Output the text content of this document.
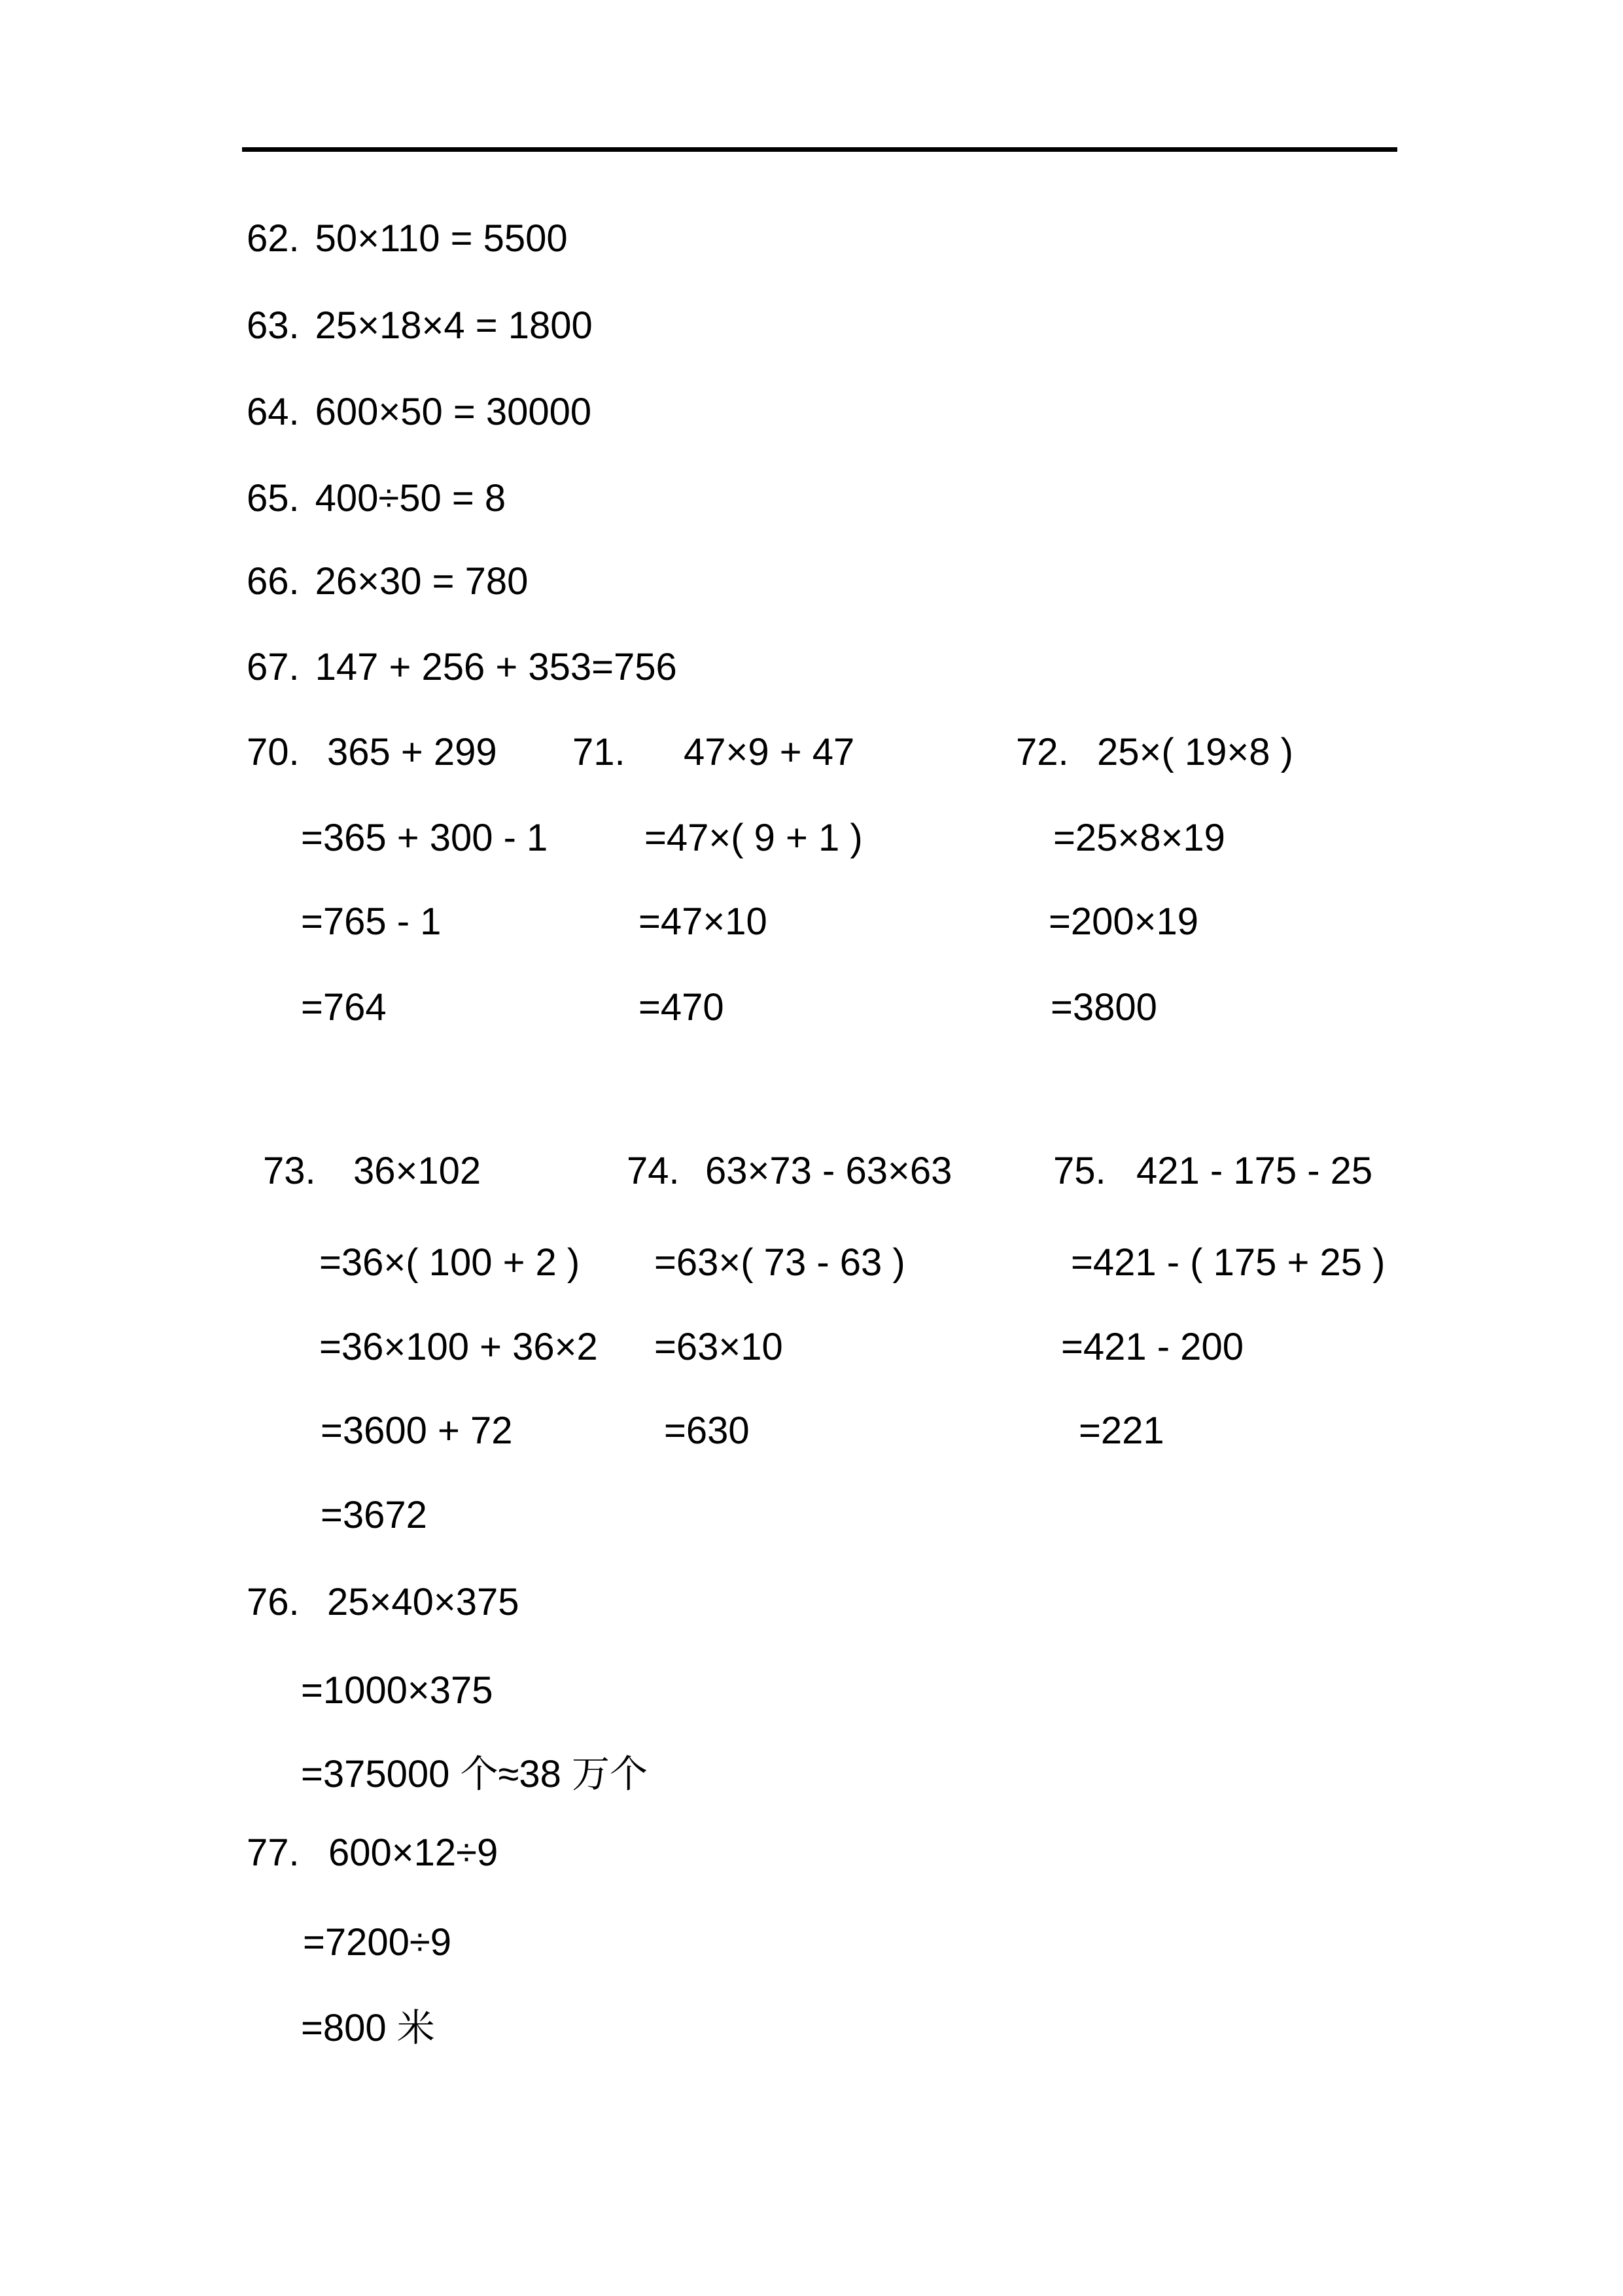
62. 50×110 = 5500
63. 25×18×4 = 1800
64. 600×50 = 30000
65. 400÷50 = 8
66. 26×30 = 780
67. 147 + 256 + 353=756
70. 365 + 299 71. 47×9 + 47	72. 25×( 19×8 )
=365 + 300 - 1	=47×( 9 + 1 )	=25×8×19
=765 - 1	=47×10	=200×19
=764	=470	=3800
73. 36×102	74. 63×73 - 63×63	75. 421 - 175 - 25
=36×( 100 + 2 ) =63×( 73 - 63 )	=421 - ( 175 + 25 )
=36×100 + 36×2 =63×10	=421 - 200
=3600 + 72	=630	=221
=3672
76. 25×40×375
=1000×375
=375000 个≈38 万个
77. 600×12÷9
=7200÷9
=800 米
